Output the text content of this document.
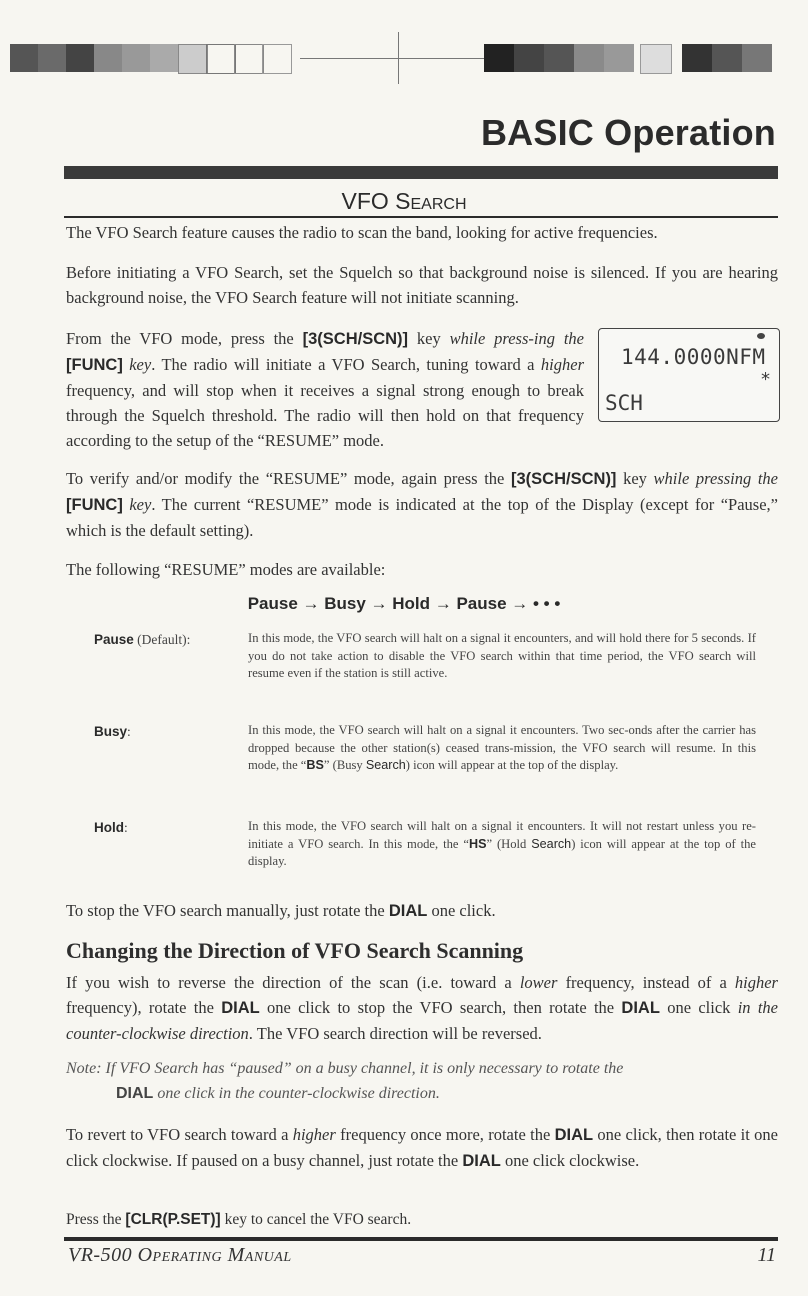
BASIC Operation
VFO Search

The VFO Search feature causes the radio to scan the band, looking for active frequencies.

Before initiating a VFO Search, set the Squelch so that background noise is silenced. If you are hearing background noise, the VFO Search feature will not initiate scanning.

From the VFO mode, press the [3(SCH/SCN)] key while press-ing the [FUNC] key. The radio will initiate a VFO Search, tuning toward a higher frequency, and will stop when it receives a signal strong enough to break through the Squelch threshold. The radio will then hold on that frequency according to the setup of the “RESUME” mode.

144.0000NFM
*
SCH

To verify and/or modify the “RESUME” mode, again press the [3(SCH/SCN)] key while pressing the [FUNC] key. The current “RESUME” mode is indicated at the top of the Display (except for “Pause,” which is the default setting).

The following “RESUME” modes are available:

Pause → Busy → Hold → Pause → • • •
Pause (Default):	In this mode, the VFO search will halt on a signal it encounters, and will hold there for 5 seconds. If you do not take action to disable the VFO search within that time period, the VFO search will resume even if the station is still active.

Busy:	In this mode, the VFO search will halt on a signal it encounters. Two sec-onds after the carrier has dropped because the other station(s) ceased trans-mission, the VFO search will resume. In this mode, the “BS” (Busy Search) icon will appear at the top of the display.

Hold:	In this mode, the VFO search will halt on a signal it encounters. It will not restart unless you re-initiate a VFO search. In this mode, the “HS” (Hold Search) icon will appear at the top of the display.

To stop the VFO search manually, just rotate the DIAL one click.

Changing the Direction of VFO Search Scanning

If you wish to reverse the direction of the scan (i.e. toward a lower frequency, instead of a higher frequency), rotate the DIAL one click to stop the VFO search, then rotate the DIAL one click in the counter-clockwise direction. The VFO search direction will be reversed.

Note: If VFO Search has “paused” on a busy channel, it is only necessary to rotate the
DIAL one click in the counter-clockwise direction.

To revert to VFO search toward a higher frequency once more, rotate the DIAL one click, then rotate it one click clockwise. If paused on a busy channel, just rotate the DIAL one click clockwise.

Press the [CLR(P.SET)] key to cancel the VFO search.

VR-500 Operating Manual	11
